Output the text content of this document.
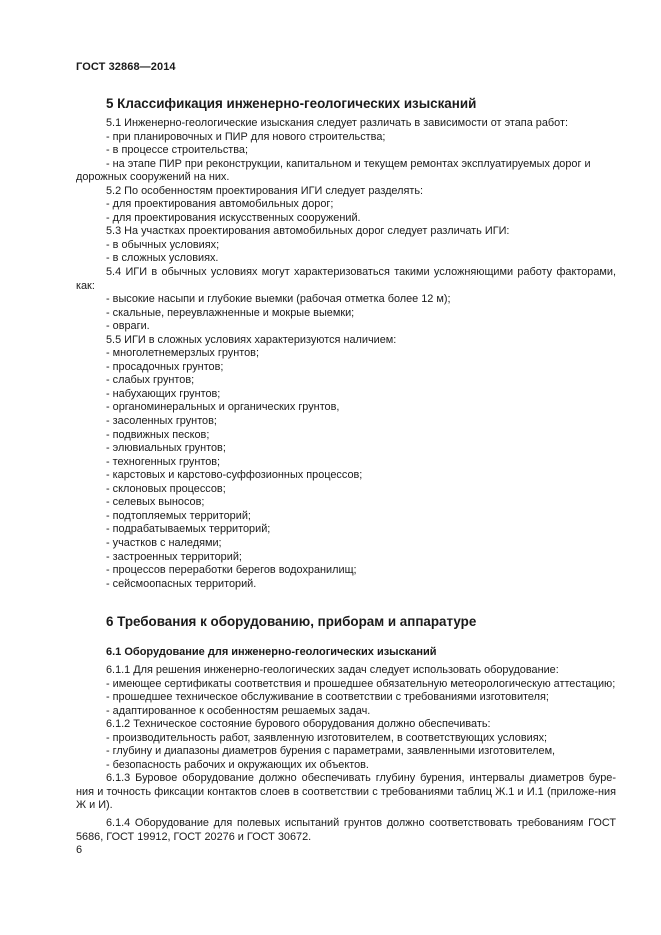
ГОСТ 32868—2014
5 Классификация инженерно-геологических изысканий

5.1 Инженерно-геологические изыскания следует различать в зависимости от этапа работ:

- при планировочных и ПИР для нового строительства;

- в процессе строительства;

- на этапе ПИР при реконструкции, капитальном и текущем ремонтах эксплуатируемых дорог и

дорожных сооружений на них.

5.2 По особенностям проектирования ИГИ следует разделять:

- для проектирования автомобильных дорог;

- для проектирования искусственных сооружений.

5.3 На участках проектирования автомобильных дорог следует различать ИГИ:

- в обычных условиях;

- в сложных условиях.

5.4 ИГИ в обычных условиях могут характеризоваться такими усложняющими работу факторами, как:

- высокие насыпи и глубокие выемки (рабочая отметка более 12 м);

- скальные, переувлажненные и мокрые выемки;

- овраги.

5.5 ИГИ в сложных условиях характеризуются наличием:

- многолетнемерзлых грунтов;

- просадочных грунтов;

- слабых грунтов;

- набухающих грунтов;

- органоминеральных и органических грунтов,

- засоленных грунтов;

- подвижных песков;

- элювиальных грунтов;

- техногенных грунтов;

- карстовых и карстово-суффозионных процессов;

- склоновых процессов;

- селевых выносов;

- подтопляемых территорий;

- подрабатываемых территорий;

- участков с наледями;

- застроенных территорий;

- процессов переработки берегов водохранилищ;

- сейсмоопасных территорий.

6 Требования к оборудованию, приборам и аппаратуре
6.1 Оборудование для инженерно-геологических изысканий

6.1.1 Для решения инженерно-геологических задач следует использовать оборудование:

- имеющее сертификаты соответствия и прошедшее обязательную метеорологическую аттестацию;

- прошедшее техническое обслуживание в соответствии с требованиями изготовителя;

- адаптированное к особенностям решаемых задач.

6.1.2 Техническое состояние бурового оборудования должно обеспечивать:

- производительность работ, заявленную изготовителем, в соответствующих условиях;

- глубину и диапазоны диаметров бурения с параметрами, заявленными изготовителем,

- безопасность рабочих и окружающих их объектов.

6.1.3 Буровое оборудование должно обеспечивать глубину бурения, интервалы диаметров буре-ния и точность фиксации контактов слоев в соответствии с требованиями таблиц Ж.1 и И.1 (приложе-ния Ж и И).

6.1.4 Оборудование для полевых испытаний грунтов должно соответствовать требованиям ГОСТ 5686, ГОСТ 19912, ГОСТ 20276 и ГОСТ 30672.

6
